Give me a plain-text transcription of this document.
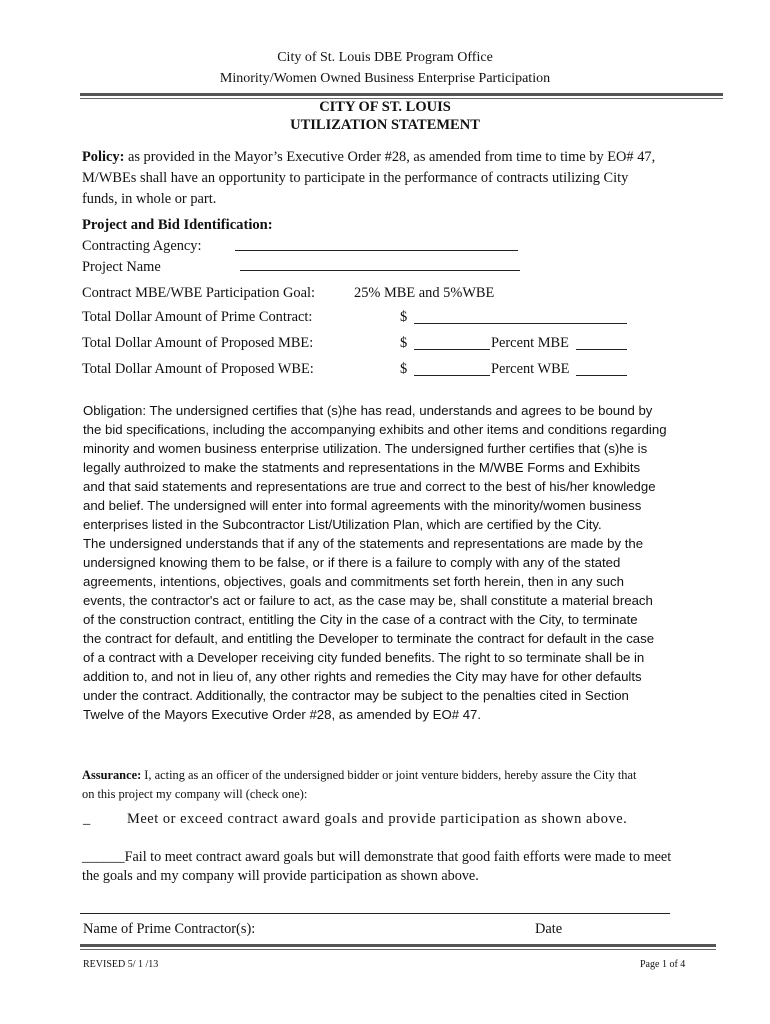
City of St. Louis DBE Program Office
Minority/Women Owned Business Enterprise Participation
CITY OF ST. LOUIS
UTILIZATION STATEMENT
Policy: as provided in the Mayor’s Executive Order #28, as amended from time to time by EO# 47,
M/WBEs shall have an opportunity to participate in the performance of contracts utilizing City
funds, in whole or part.
Project and Bid Identification:
Contracting Agency:
Project Name
Contract MBE/WBE Participation Goal:	25% MBE and 5%WBE
Total Dollar Amount of Prime Contract:	$
Total Dollar Amount of Proposed MBE:	$	Percent MBE
Total Dollar Amount of Proposed WBE:	$	Percent WBE
Obligation: The undersigned certifies that (s)he has read, understands and agrees to be bound by
the bid specifications, including the accompanying exhibits and other items and conditions regarding
minority and women business enterprise utilization. The undersigned further certifies that (s)he is
legally authroized to make the statments and representations in the M/WBE Forms and Exhibits
and that said statements and representations are true and correct to the best of his/her knowledge
and belief. The undersigned will enter into formal agreements with the minority/women business
enterprises listed in the Subcontractor List/Utilization Plan, which are certified by the City.
The undersigned understands that if any of the statements and representations are made by the
undersigned knowing them to be false, or if there is a failure to comply with any of the stated
agreements, intentions, objectives, goals and commitments set forth herein, then in any such
events, the contractor's act or failure to act, as the case may be, shall constitute a material breach
of the construction contract, entitling the City in the case of a contract with the City, to terminate
the contract for default, and entitling the Developer to terminate the contract for default in the case
of a contract with a Developer receiving city funded benefits. The right to so terminate shall be in
addition to, and not in lieu of, any other rights and remedies the City may have for other defaults
under the contract. Additionally, the contractor may be subject to the penalties cited in Section
Twelve of the Mayors Executive Order #28, as amended by EO# 47.
Assurance: I, acting as an officer of the undersigned bidder or joint venture bidders, hereby assure the City that
on this project my company will (check one):
_	Meet or exceed contract award goals and provide participation as shown above.
______Fail to meet contract award goals but will demonstrate that good faith efforts were made to meet
the goals and my company will provide participation as shown above.
Name of Prime Contractor(s):	Date
REVISED 5/ 1 /13	Page 1 of 4
